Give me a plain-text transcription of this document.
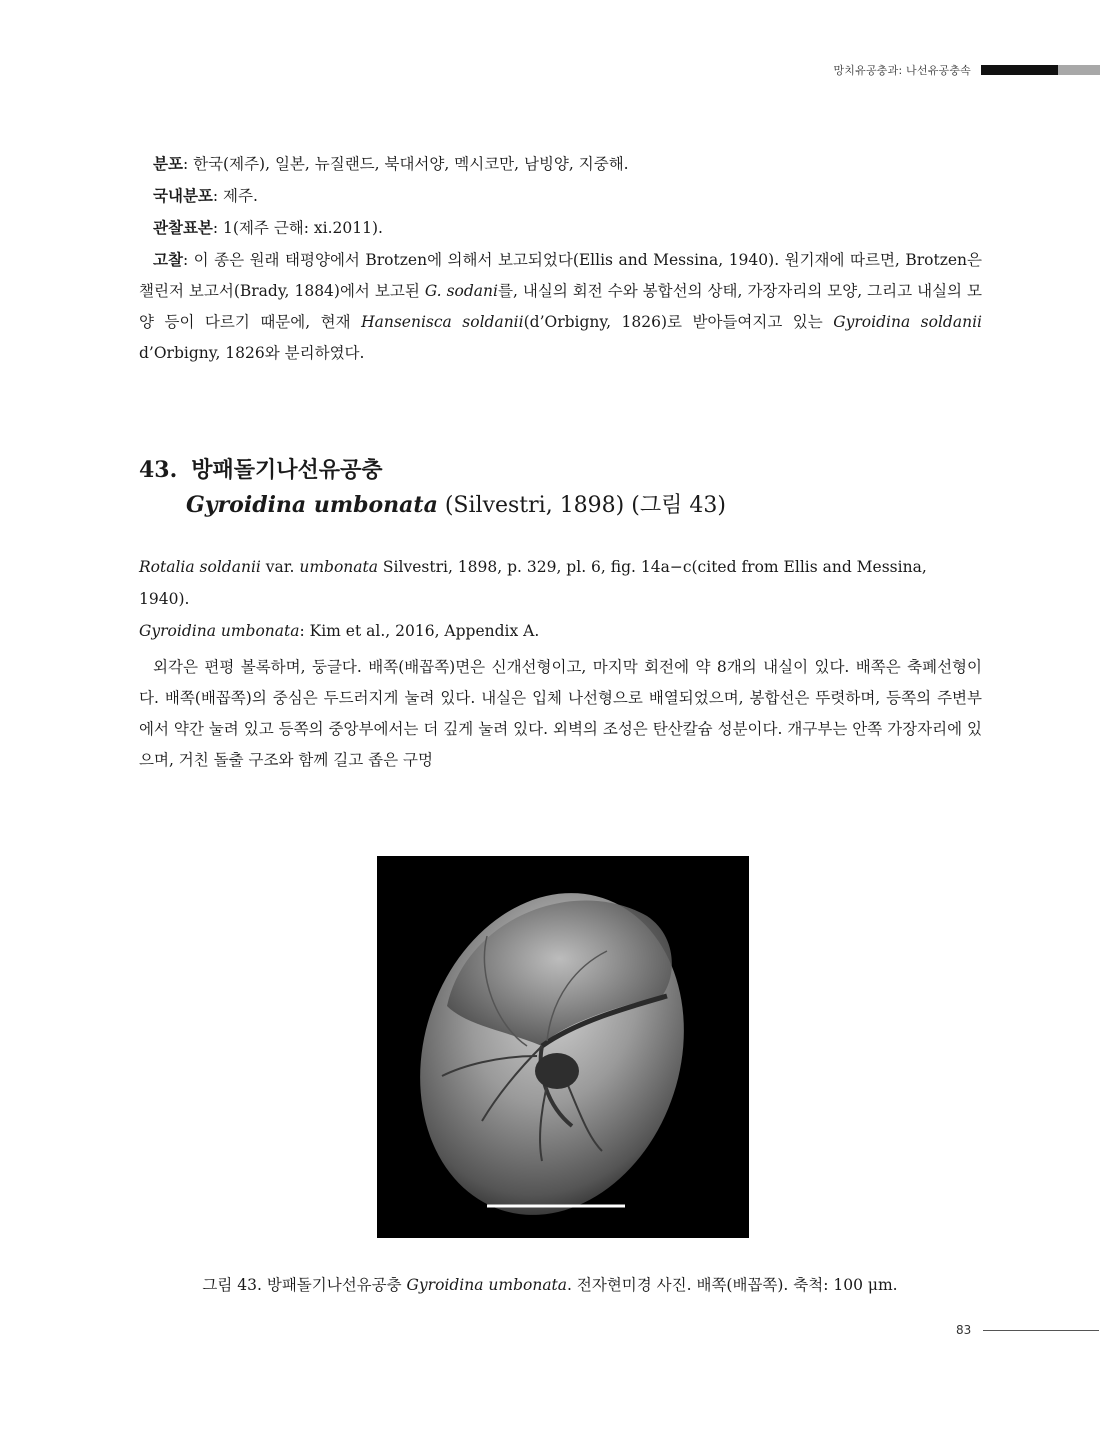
망치유공충과: 나선유공충속

분포: 한국(제주), 일본, 뉴질랜드, 북대서양, 멕시코만, 남빙양, 지중해.

국내분포: 제주.

관찰표본: 1(제주 근해: xi.2011).

고찰: 이 종은 원래 태평양에서 Brotzen에 의해서 보고되었다(Ellis and Messina, 1940). 원기재에 따르면, Brotzen은 챌린저 보고서(Brady, 1884)에서 보고된 G. sodani를, 내실의 회전 수와 봉합선의 상태, 가장자리의 모양, 그리고 내실의 모양 등이 다르기 때문에, 현재 Hansenisca soldanii(d’Orbigny, 1826)로 받아들여지고 있는 Gyroidina soldanii d’Orbigny, 1826와 분리하였다.

43. 방패돌기나선유공충
Gyroidina umbonata (Silvestri, 1898) (그림 43)

Rotalia soldanii var. umbonata Silvestri, 1898, p. 329, pl. 6, fig. 14a−c(cited from Ellis and Messina, 1940).

Gyroidina umbonata: Kim et al., 2016, Appendix A.

외각은 편평 볼록하며, 둥글다. 배쪽(배꼽쪽)면은 신개선형이고, 마지막 회전에 약 8개의 내실이 있다. 배쪽은 축폐선형이다. 배쪽(배꼽쪽)의 중심은 두드러지게 눌려 있다. 내실은 입체 나선형으로 배열되었으며, 봉합선은 뚜렷하며, 등쪽의 주변부에서 약간 눌려 있고 등쪽의 중앙부에서는 더 깊게 눌려 있다. 외벽의 조성은 탄산칼슘 성분이다. 개구부는 안쪽 가장자리에 있으며, 거친 돌출 구조와 함께 길고 좁은 구멍

그림 43. 방패돌기나선유공충 Gyroidina umbonata. 전자현미경 사진. 배쪽(배꼽쪽). 축척: 100 μm.
83
